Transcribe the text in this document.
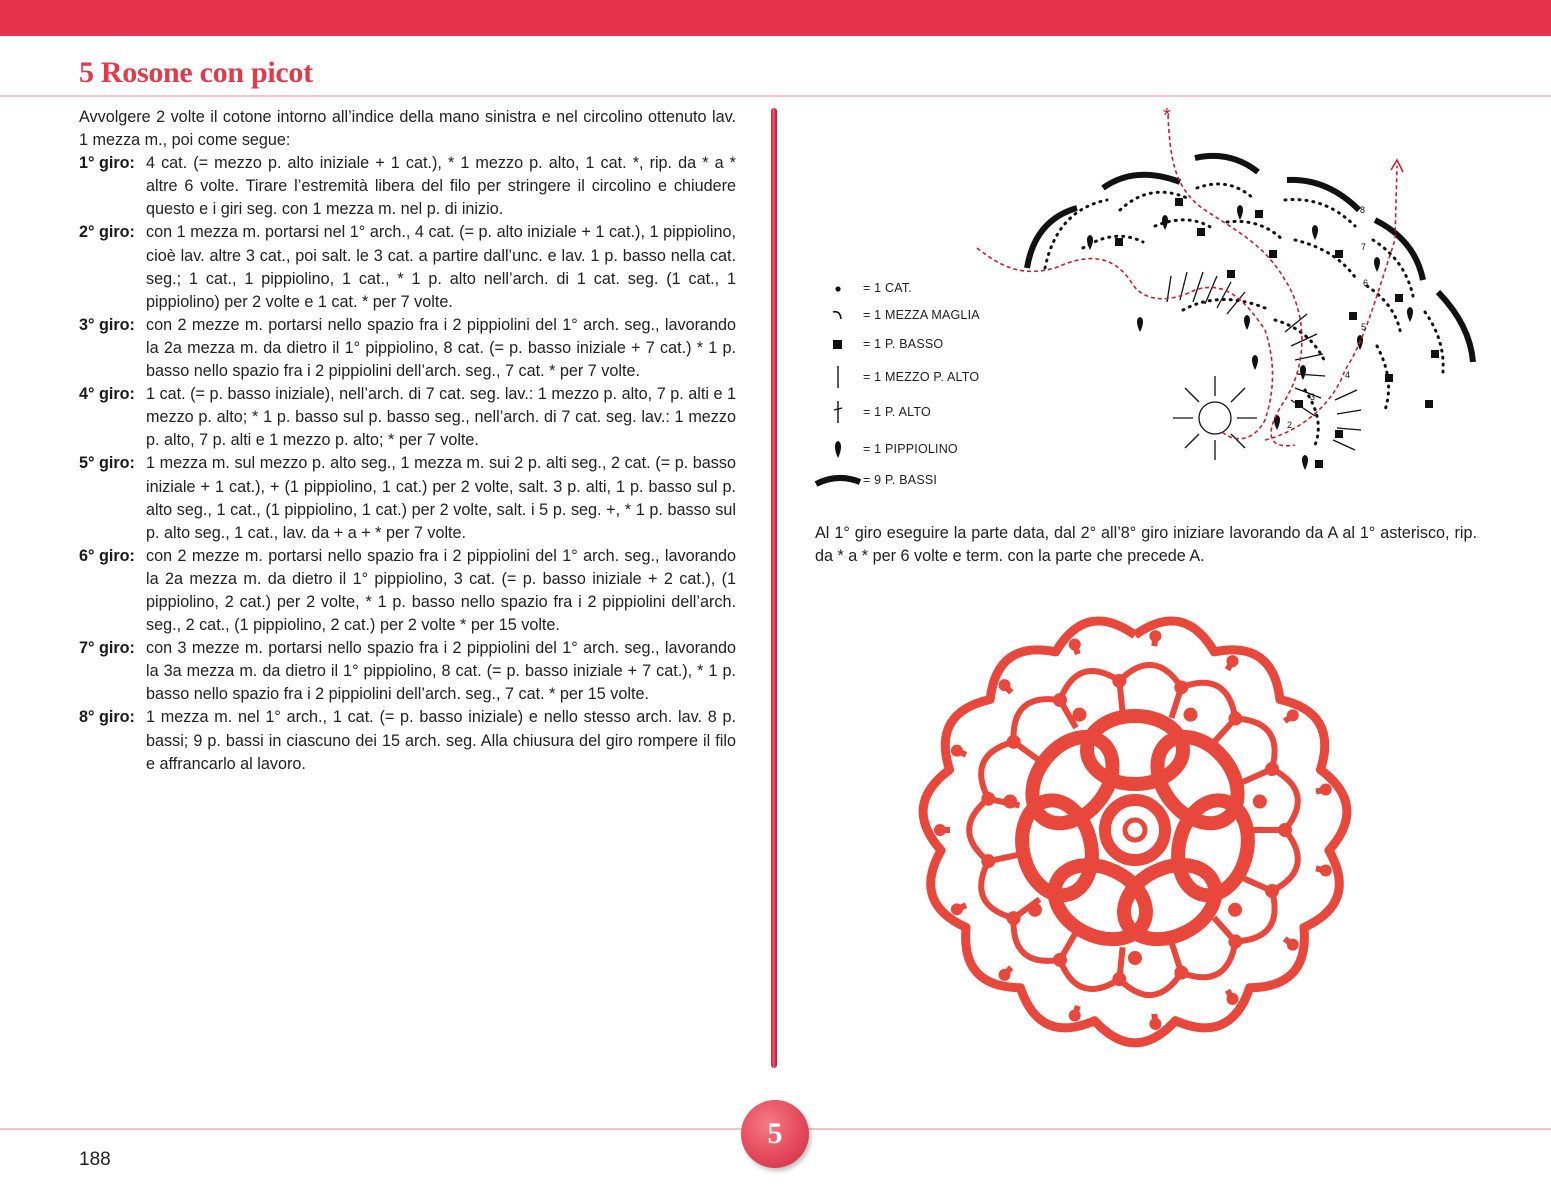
5 Rosone con picot

Avvolgere 2 volte il cotone intorno all’indice della mano sinistra e nel circolino ottenuto lav. 1 mezza m., poi come segue:

1° giro: 4 cat. (= mezzo p. alto iniziale + 1 cat.), * 1 mezzo p. alto, 1 cat. *, rip. da * a * altre 6 volte. Tirare l’estremità libera del filo per stringere il circolino e chiudere questo e i giri seg. con 1 mezza m. nel p. di inizio.
2° giro: con 1 mezza m. portarsi nel 1° arch., 4 cat. (= p. alto iniziale + 1 cat.), 1 pippiolino, cioè lav. altre 3 cat., poi salt. le 3 cat. a partire dall’unc. e lav. 1 p. basso nella cat. seg.; 1 cat., 1 pippiolino, 1 cat., * 1 p. alto nell’arch. di 1 cat. seg. (1 cat., 1 pippiolino) per 2 volte e 1 cat. * per 7 volte.
3° giro: con 2 mezze m. portarsi nello spazio fra i 2 pippiolini del 1° arch. seg., lavorando la 2a mezza m. da dietro il 1° pippiolino, 8 cat. (= p. basso iniziale + 7 cat.) * 1 p. basso nello spazio fra i 2 pippiolini dell’arch. seg., 7 cat. * per 7 volte.
4° giro: 1 cat. (= p. basso iniziale), nell’arch. di 7 cat. seg. lav.: 1 mezzo p. alto, 7 p. alti e 1 mezzo p. alto; * 1 p. basso sul p. basso seg., nell’arch. di 7 cat. seg. lav.: 1 mezzo p. alto, 7 p. alti e 1 mezzo p. alto; * per 7 volte.
5° giro: 1 mezza m. sul mezzo p. alto seg., 1 mezza m. sui 2 p. alti seg., 2 cat. (= p. basso iniziale + 1 cat.), + (1 pippiolino, 1 cat.) per 2 volte, salt. 3 p. alti, 1 p. basso sul p. alto seg., 1 cat., (1 pippiolino, 1 cat.) per 2 volte, salt. i 5 p. seg. +, * 1 p. basso sul p. alto seg., 1 cat., lav. da + a + * per 7 volte.
6° giro: con 2 mezze m. portarsi nello spazio fra i 2 pippiolini del 1° arch. seg., lavorando la 2a mezza m. da dietro il 1° pippiolino, 3 cat. (= p. basso iniziale + 2 cat.), (1 pippiolino, 2 cat.) per 2 volte, * 1 p. basso nello spazio fra i 2 pippiolini dell’arch. seg., 2 cat., (1 pippiolino, 2 cat.) per 2 volte * per 15 volte.
7° giro: con 3 mezze m. portarsi nello spazio fra i 2 pippiolini del 1° arch. seg., lavorando la 3a mezza m. da dietro il 1° pippiolino, 8 cat. (= p. basso iniziale + 7 cat.), * 1 p. basso nello spazio fra i 2 pippiolini dell’arch. seg., 7 cat. * per 15 volte.
8° giro: 1 mezza m. nel 1° arch., 1 cat. (= p. basso iniziale) e nello stesso arch. lav. 8 p. bassi; 9 p. bassi in ciascuno dei 15 arch. seg. Alla chiusura del giro rompere il filo e affrancarlo al lavoro.
= 1 CAT.
= 1 MEZZA MAGLIA
= 1 P. BASSO
= 1 MEZZO P. ALTO
= 1 P. ALTO
= 1 PIPPIOLINO
= 9 P. BASSI
*
8
7
6
5
4
3
2

Al 1° giro eseguire la parte data, dal 2° all’8° giro iniziare lavorando da A al 1° asterisco, rip. da * a * per 6 volte e term. con la parte che precede A.

5
188
